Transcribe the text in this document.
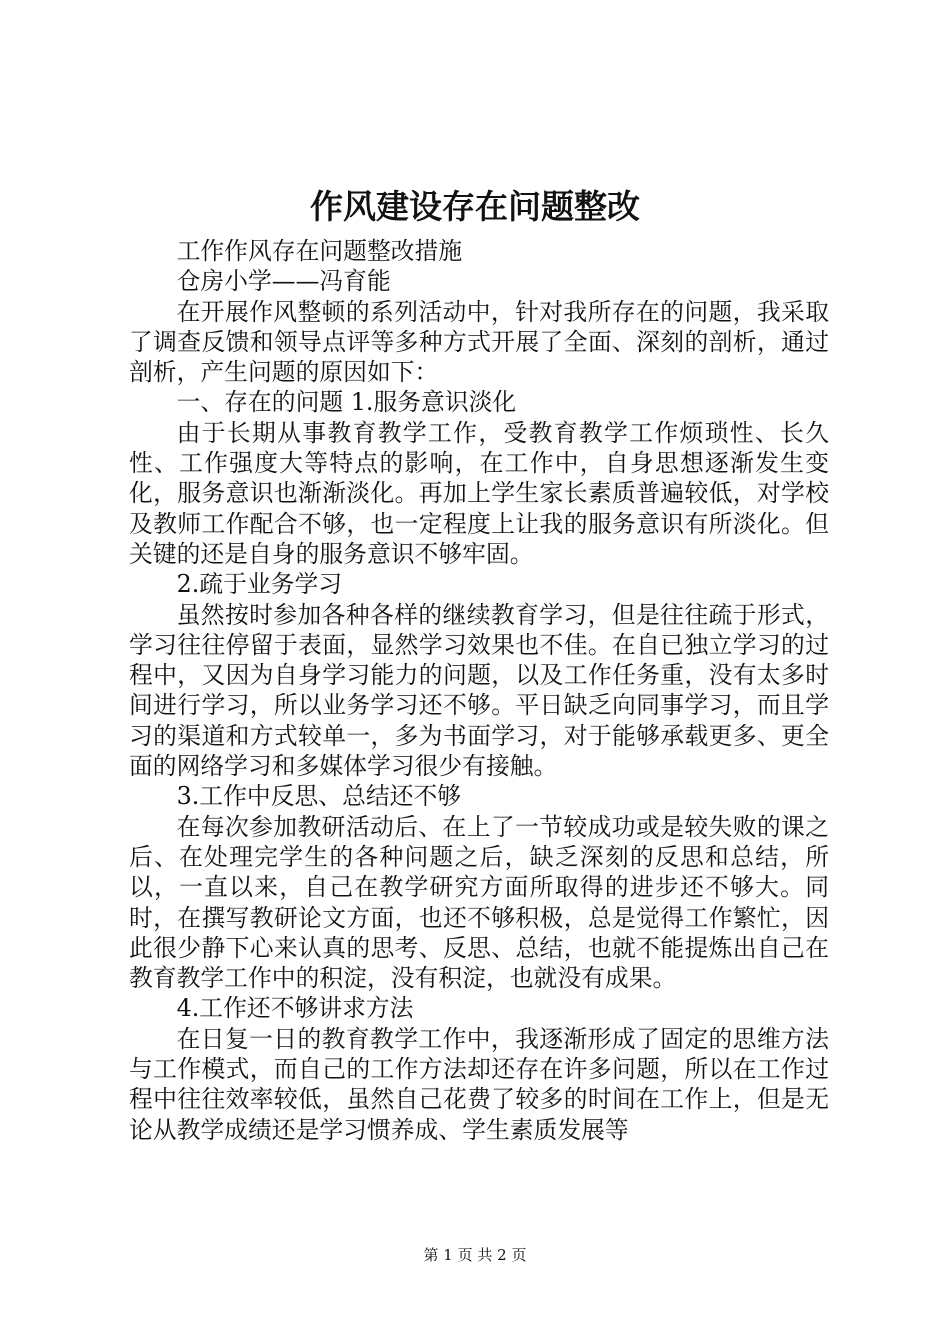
作风建设存在问题整改

工作作风存在问题整改措施

仓房小学——冯育能

在开展作风整顿的系列活动中，针对我所存在的问题，我采取了调查反馈和领导点评等多种方式开展了全面、深刻的剖析，通过剖析，产生问题的原因如下：

一、存在的问题 1.服务意识淡化

由于长期从事教育教学工作，受教育教学工作烦琐性、长久性、工作强度大等特点的影响，在工作中，自身思想逐渐发生变化，服务意识也渐渐淡化。再加上学生家长素质普遍较低，对学校及教师工作配合不够，也一定程度上让我的服务意识有所淡化。但关键的还是自身的服务意识不够牢固。

2.疏于业务学习

虽然按时参加各种各样的继续教育学习，但是往往疏于形式，学习往往停留于表面，显然学习效果也不佳。在自已独立学习的过程中，又因为自身学习能力的问题，以及工作任务重，没有太多时间进行学习，所以业务学习还不够。平日缺乏向同事学习，而且学习的渠道和方式较单一，多为书面学习，对于能够承载更多、更全面的网络学习和多媒体学习很少有接触。

3.工作中反思、总结还不够

在每次参加教研活动后、在上了一节较成功或是较失败的课之后、在处理完学生的各种问题之后，缺乏深刻的反思和总结，所以，一直以来，自己在教学研究方面所取得的进步还不够大。同时，在撰写教研论文方面，也还不够积极，总是觉得工作繁忙，因此很少静下心来认真的思考、反思、总结，也就不能提炼出自己在教育教学工作中的积淀，没有积淀，也就没有成果。

4.工作还不够讲求方法

在日复一日的教育教学工作中，我逐渐形成了固定的思维方法与工作模式，而自己的工作方法却还存在许多问题，所以在工作过程中往往效率较低，虽然自己花费了较多的时间在工作上，但是无论从教学成绩还是学习惯养成、学生素质发展等

第 1 页 共 2 页
